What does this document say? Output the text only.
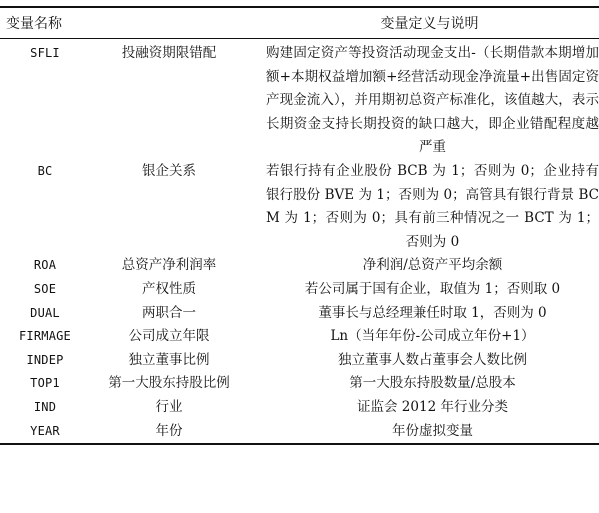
变量名称		变量定义与说明
SFLI	投融资期限错配	购建固定资产等投资活动现金支出-（长期借款本期增加额+本期权益增加额+经营活动现金净流量+出售固定资产现金流入），并用期初总资产标准化，该值越大，表示长期资金支持长期投资的缺口越大，即企业错配程度越严重
BC	银企关系	若银行持有企业股份 BCB 为 1；否则为 0；企业持有银行股份 BVE 为 1；否则为 0；高管具有银行背景 BCM 为 1；否则为 0；具有前三种情况之一 BCT 为 1；否则为 0
ROA	总资产净利润率	净利润/总资产平均余额
SOE	产权性质	若公司属于国有企业，取值为 1；否则取 0
DUAL	两职合一	董事长与总经理兼任时取 1，否则为 0
FIRMAGE	公司成立年限	Ln（当年年份-公司成立年份+1）
INDEP	独立董事比例	独立董事人数占董事会人数比例
TOP1	第一大股东持股比例	第一大股东持股数量/总股本
IND	行业	证监会 2012 年行业分类
YEAR	年份	年份虚拟变量
